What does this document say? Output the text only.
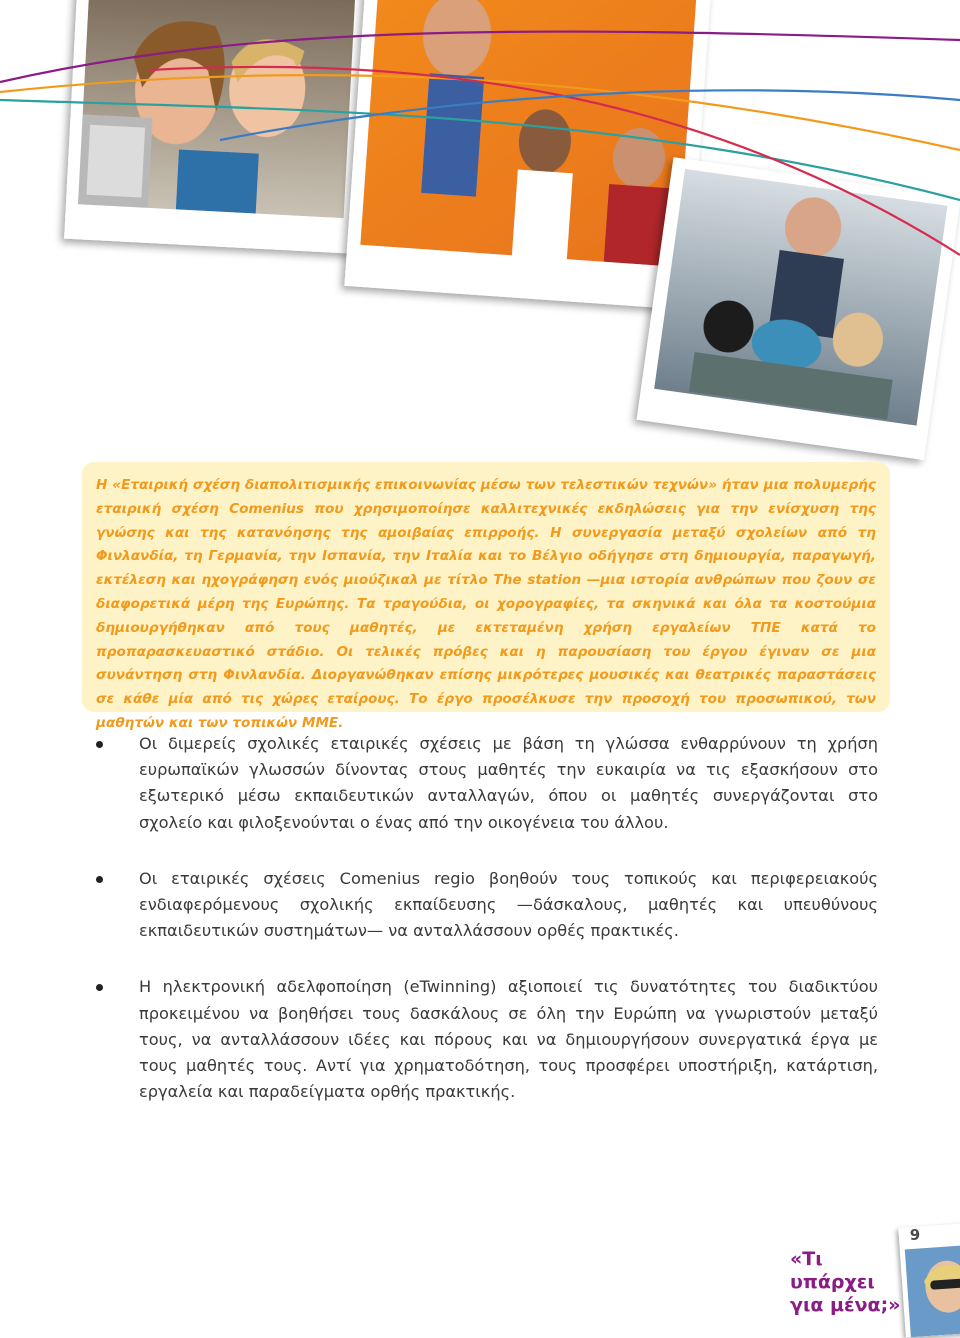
Η «Εταιρική σχέση διαπολιτισμικής επικοινωνίας μέσω των τελεστικών τεχνών» ήταν μια πολυμερής εταιρική σχέση Comenius που χρησιμοποίησε καλλιτεχνικές εκδηλώσεις για την ενίσχυση της γνώσης και της κατανόησης της αμοιβαίας επιρροής. Η συνεργασία μεταξύ σχολείων από τη Φινλανδία, τη Γερμανία, την Ισπανία, την Ιταλία και το Βέλγιο οδήγησε στη δημιουργία, παραγωγή, εκτέλεση και ηχογράφηση ενός μιούζικαλ με τίτλο The station —μια ιστορία ανθρώπων που ζουν σε διαφορετικά μέρη της Ευρώπης. Τα τραγούδια, οι χορογραφίες, τα σκηνικά και όλα τα κοστούμια δημιουργήθηκαν από τους μαθητές, με εκτεταμένη χρήση εργαλείων ΤΠΕ κατά το προπαρασκευαστικό στάδιο. Οι τελικές πρόβες και η παρουσίαση του έργου έγιναν σε μια συνάντηση στη Φινλανδία. Διοργανώθηκαν επίσης μικρότερες μουσικές και θεατρικές παραστάσεις σε κάθε μία από τις χώρες εταίρους. Το έργο προσέλκυσε την προσοχή του προσωπικού, των μαθητών και των τοπικών ΜΜΕ.

Οι διμερείς σχολικές εταιρικές σχέσεις με βάση τη γλώσσα ενθαρρύνουν τη χρήση ευρωπαϊκών γλωσσών δίνοντας στους μαθητές την ευκαιρία να τις εξασκήσουν στο εξωτερικό μέσω εκπαιδευτικών ανταλλαγών, όπου οι μαθητές συνεργάζονται στο σχολείο και φιλοξενούνται ο ένας από την οικογένεια του άλλου.
Οι εταιρικές σχέσεις Comenius regio βοηθούν τους τοπικούς και περιφερειακούς ενδιαφερόμενους σχολικής εκπαίδευσης —δάσκαλους, μαθητές και υπευθύνους εκπαιδευτικών συστημάτων— να ανταλλάσσουν ορθές πρακτικές.
Η ηλεκτρονική αδελφοποίηση (eTwinning) αξιοποιεί τις δυνατότητες του διαδικτύου προκειμένου να βοηθήσει τους δασκάλους σε όλη την Ευρώπη να γνωριστούν μεταξύ τους, να ανταλλάσσουν ιδέες και πόρους και να δημιουργήσουν συνεργατικά έργα με τους μαθητές τους. Αντί για χρηματοδότηση, τους προσφέρει υποστήριξη, κατάρτιση, εργαλεία και παραδείγματα ορθής πρακτικής.

«Τι υπάρχει για μένα;»

9
